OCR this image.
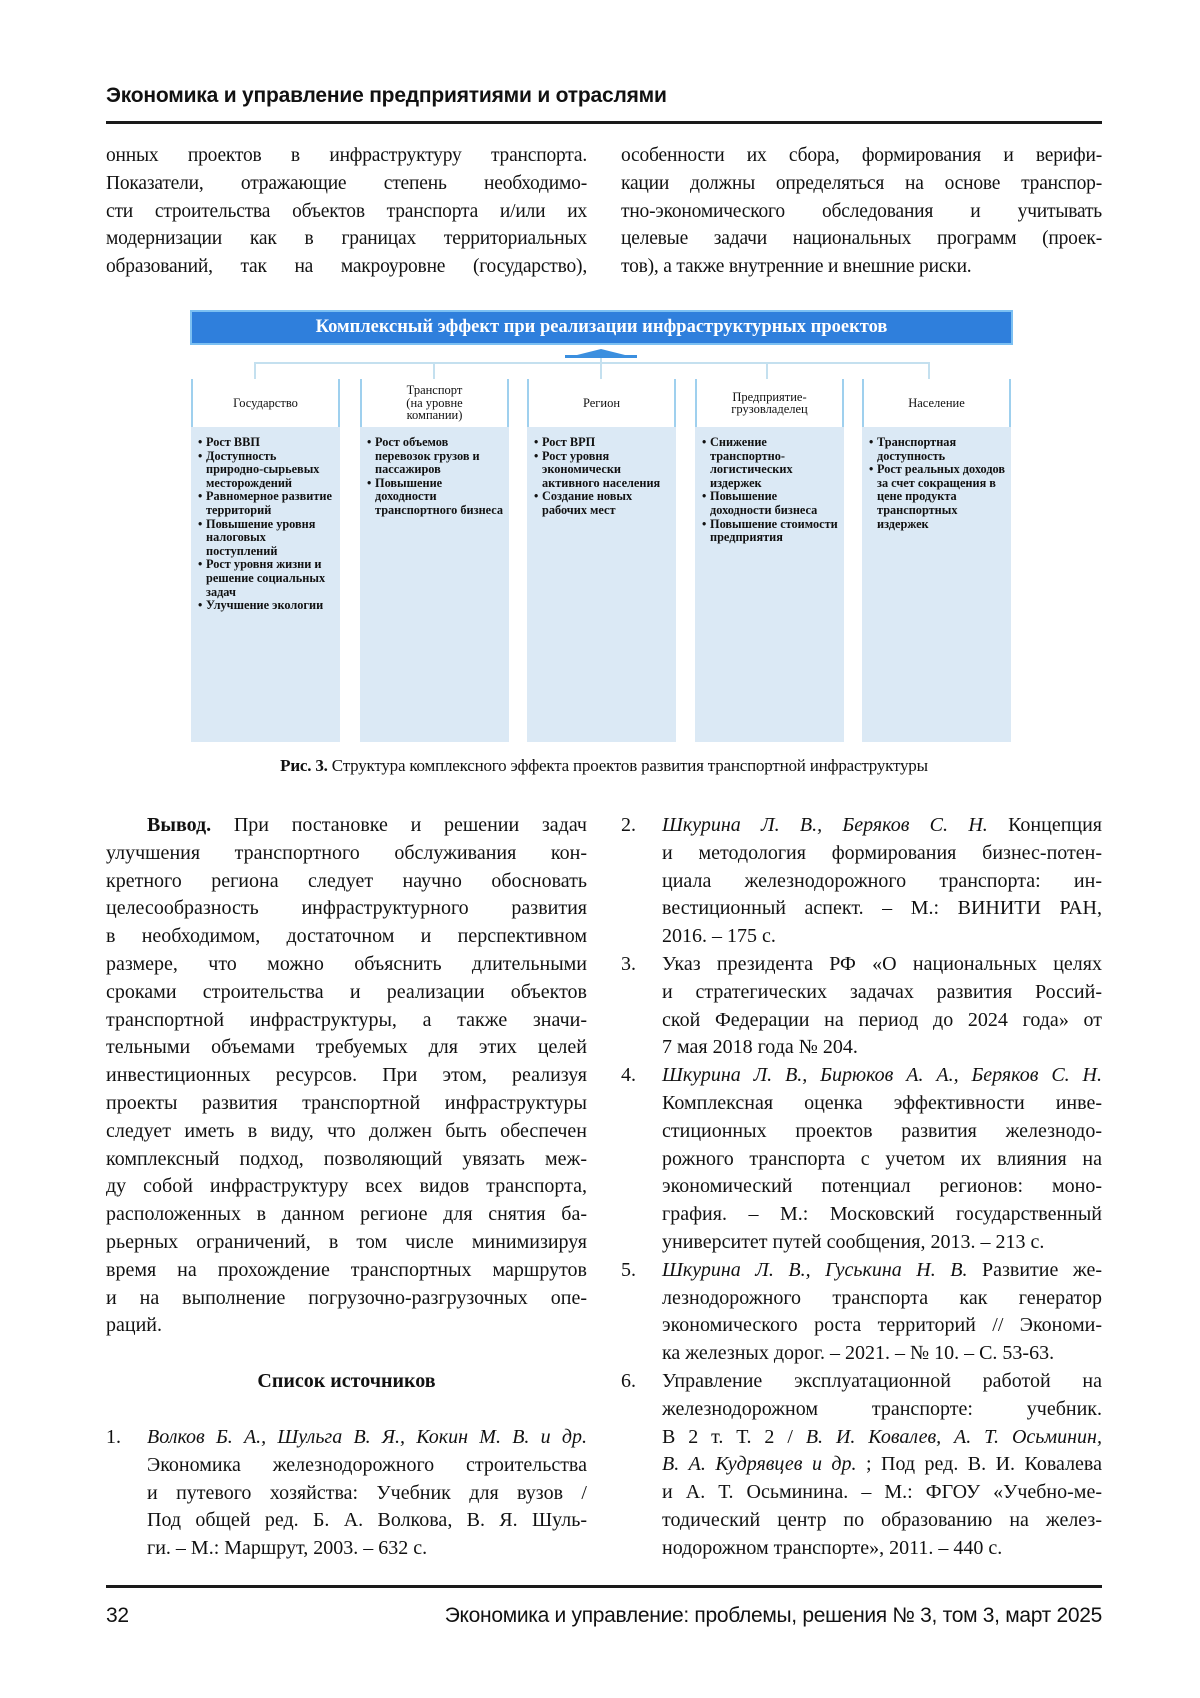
Экономика и управление предприятиями и отраслями
онных проектов в инфраструктуру транспорта.
Показатели, отражающие степень необходимо-
сти строительства объектов транспорта и/или их
модернизации как в границах территориальных
образований, так на макроуровне (государство),
особенности их сбора, формирования и верифи-
кации должны определяться на основе транспор-
тно-экономического обследования и учитывать
целевые задачи национальных программ (проек-
тов), а также внутренние и внешние риски.
Комплексный эффект при реализации инфраструктурных проектов
Государство
• Рост ВВП
• Доступность природно-сырьевых месторождений
• Равномерное развитие территорий
• Повышение уровня налоговых поступлений
• Рост уровня жизни и решение социальных задач
• Улучшение экологии
Транспорт
(на уровне
компании)
• Рост объемов перевозок грузов и пассажиров
• Повышение доходности транспортного бизнеса
Регион
• Рост ВРП
• Рост уровня экономически активного населения
• Создание новых рабочих мест
Предприятие-
грузовладелец
• Снижение транспортно-логистических издержек
• Повышение доходности бизнеса
• Повышение стоимости предприятия
Население
• Транспортная доступность
• Рост реальных доходов за счет сокращения в цене продукта транспортных издержек
Рис. 3. Структура комплексного эффекта проектов развития транспортной инфраструктуры
Вывод. При постановке и решении задач
улучшения транспортного обслуживания кон-
кретного региона следует научно обосновать
целесообразность инфраструктурного развития
в необходимом, достаточном и перспективном
размере, что можно объяснить длительными
сроками строительства и реализации объектов
транспортной инфраструктуры, а также значи-
тельными объемами требуемых для этих целей
инвестиционных ресурсов. При этом, реализуя
проекты развития транспортной инфраструктуры
следует иметь в виду, что должен быть обеспечен
комплексный подход, позволяющий увязать меж-
ду собой инфраструктуру всех видов транспорта,
расположенных в данном регионе для снятия ба-
рьерных ограничений, в том числе минимизируя
время на прохождение транспортных маршрутов
и на выполнение погрузочно-разгрузочных опе-
раций.
Список источников
1. Волков Б. А., Шульга В. Я., Кокин М. В. и др.
Экономика железнодорожного строительства
и путевого хозяйства: Учебник для вузов /
Под общей ред. Б. А. Волкова, В. Я. Шуль-
ги. – М.: Маршрут, 2003. – 632 с.
2. Шкурина Л. В., Беряков С. Н. Концепция
и методология формирования бизнес-потен-
циала железнодорожного транспорта: ин-
вестиционный аспект. – М.: ВИНИТИ РАН,
2016. – 175 с.
3. Указ президента РФ «О национальных целях
и стратегических задачах развития Россий-
ской Федерации на период до 2024 года» от
7 мая 2018 года № 204.
4. Шкурина Л. В., Бирюков А. А., Беряков С. Н.
Комплексная оценка эффективности инве-
стиционных проектов развития железнодо-
рожного транспорта с учетом их влияния на
экономический потенциал регионов: моно-
графия. – М.: Московский государственный
университет путей сообщения, 2013. – 213 с.
5. Шкурина Л. В., Гуськина Н. В. Развитие же-
лезнодорожного транспорта как генератор
экономического роста территорий // Экономи-
ка железных дорог. – 2021. – № 10. – С. 53-63.
6. Управление эксплуатационной работой на
железнодорожном транспорте: учебник.
В 2 т. Т. 2 / В. И. Ковалев, А. Т. Осьминин,
В. А. Кудрявцев и др. ; Под ред. В. И. Ковалева
и А. Т. Осьминина. – М.: ФГОУ «Учебно-ме-
тодический центр по образованию на желез-
нодорожном транспорте», 2011. – 440 с.
32	Экономика и управление: проблемы, решения № 3, том 3, март 2025
